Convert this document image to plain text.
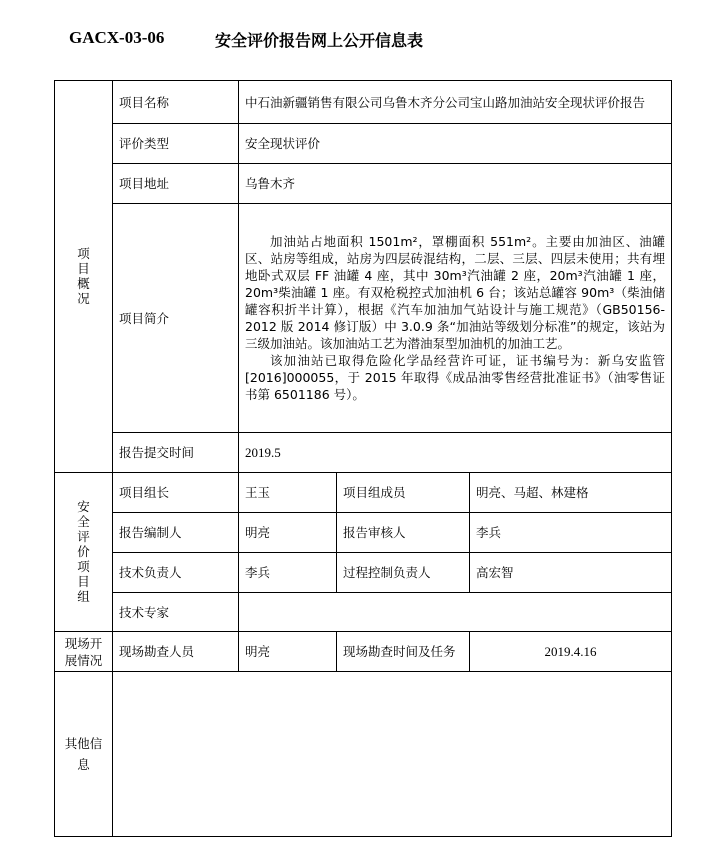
GACX-03-06	安全评价报告网上公开信息表
项目概况	项目名称	中石油新疆销售有限公司乌鲁木齐分公司宝山路加油站安全现状评价报告		
	评价类型	安全现状评价		
	项目地址	乌鲁木齐		
	项目简介	加油站占地面积 1501m²，罩棚面积 551m²。主要由加油区、油罐区、站房等组成，站房为四层砖混结构，二层、三层、四层未使用；共有埋地卧式双层 FF 油罐 4 座，其中 30m³汽油罐 2 座，20m³汽油罐 1 座，20m³柴油罐 1 座。有双枪税控式加油机 6 台；该站总罐容 90m³（柴油储罐容积折半计算），根据《汽车加油加气站设计与施工规范》（GB50156-2012 版 2014 修订版）中 3.0.9 条“加油站等级划分标准”的规定，该站为三级加油站。该加油站工艺为潜油泵型加油机的加油工艺。

该加油站已取得危险化学品经营许可证，证书编号为：新乌安监管[2016]000055，于 2015 年取得《成品油零售经营批准证书》（油零售证书第 6501186 号）。		

	报告提交时间	2019.5		
安全评价项目组	项目组长	王玉	项目组成员	明亮、马超、林建格
	报告编制人	明亮	报告审核人	李兵
	技术负责人	李兵	过程控制负责人	高宏智
	技术专家			
现场开展情况	现场勘查人员	明亮	现场勘查时间及任务	2019.4.16
其他信息				
